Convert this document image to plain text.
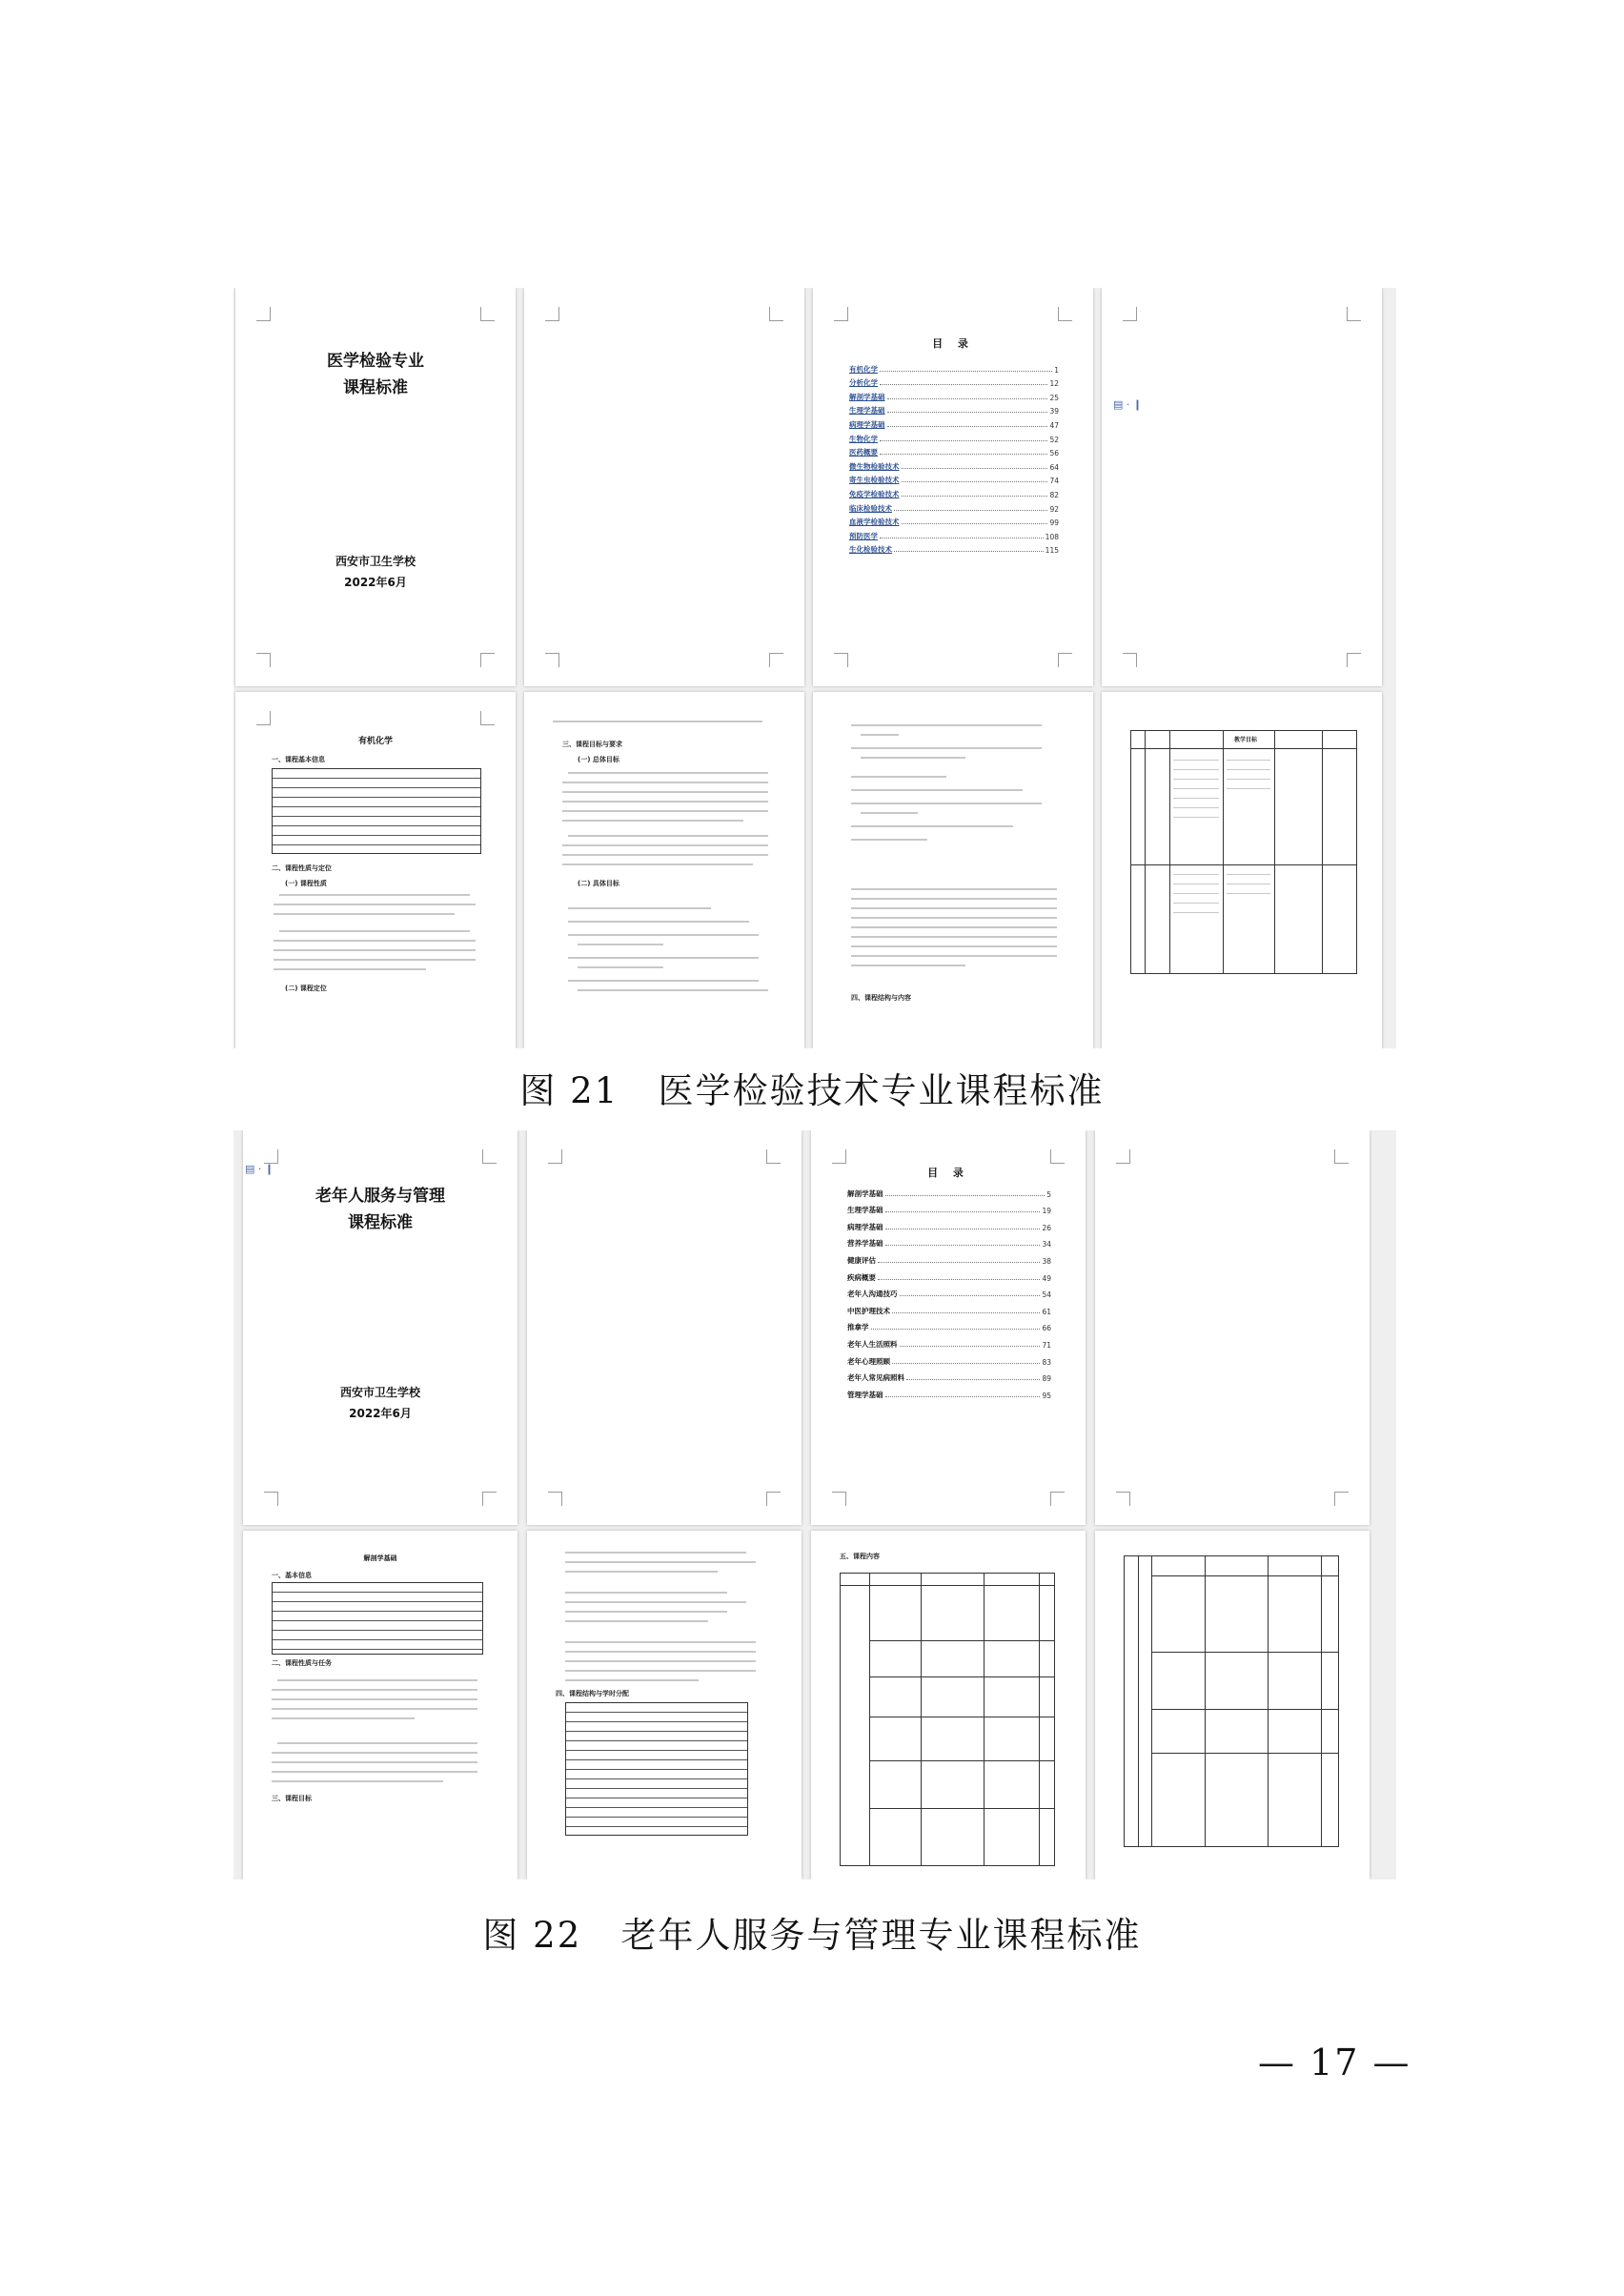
医学检验专业
课程标准
西安市卫生学校
2022年6月
目 录
有机化学	1
分析化学	12
解剖学基础	25
生理学基础	39
病理学基础	47
生物化学	52
医药概要	56
微生物检验技术	64
寄生虫检验技术	74
免疫学检验技术	82
临床检验技术	92
血液学检验技术	99
预防医学	108
生化检验技术	115
▤ · ❙
有机化学
一、课程基本信息
二、课程性质与定位
(一) 课程性质
(二) 课程定位
三、课程目标与要求
(一) 总体目标
(二) 具体目标
四、课程结构与内容
教学目标
图 21   医学检验技术专业课程标准
▤ · ❙
老年人服务与管理
课程标准
西安市卫生学校
2022年6月
目 录
解剖学基础	5
生理学基础	19
病理学基础	26
营养学基础	34
健康评估	38
疾病概要	49
老年人沟通技巧	54
中医护理技术	61
推拿学	66
老年人生活照料	71
老年心理照顾	83
老年人常见病照料	89
管理学基础	95
解剖学基础
一、基本信息
二、课程性质与任务
三、课程目标
四、课程结构与学时分配
五、课程内容
图 22   老年人服务与管理专业课程标准
— 17 —
